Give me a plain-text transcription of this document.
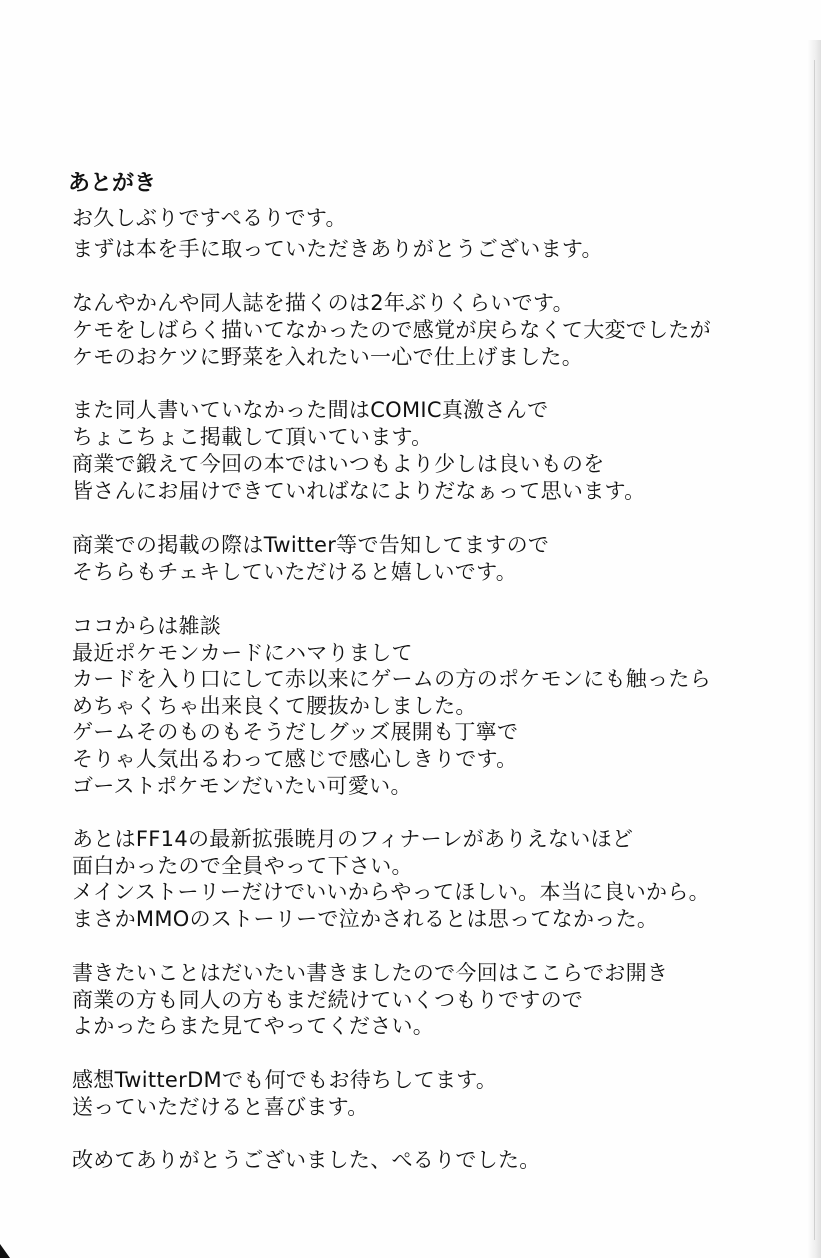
あとがき
お久しぶりですぺるりです。
まずは本を手に取っていただきありがとうございます。
なんやかんや同人誌を描くのは2年ぶりくらいです。
ケモをしばらく描いてなかったので感覚が戻らなくて大変でしたが
ケモのおケツに野菜を入れたい一心で仕上げました。
また同人書いていなかった間はCOMIC真激さんで
ちょこちょこ掲載して頂いています。
商業で鍛えて今回の本ではいつもより少しは良いものを
皆さんにお届けできていればなによりだなぁって思います。
商業での掲載の際はTwitter等で告知してますので
そちらもチェキしていただけると嬉しいです。
ココからは雑談
最近ポケモンカードにハマりまして
カードを入り口にして赤以来にゲームの方のポケモンにも触ったら
めちゃくちゃ出来良くて腰抜かしました。
ゲームそのものもそうだしグッズ展開も丁寧で
そりゃ人気出るわって感じで感心しきりです。
ゴーストポケモンだいたい可愛い。
あとはFF14の最新拡張暁月のフィナーレがありえないほど
面白かったので全員やって下さい。
メインストーリーだけでいいからやってほしい。本当に良いから。
まさかMMOのストーリーで泣かされるとは思ってなかった。
書きたいことはだいたい書きましたので今回はここらでお開き
商業の方も同人の方もまだ続けていくつもりですので
よかったらまた見てやってください。
感想TwitterDMでも何でもお待ちしてます。
送っていただけると喜びます。
改めてありがとうございました、ぺるりでした。
